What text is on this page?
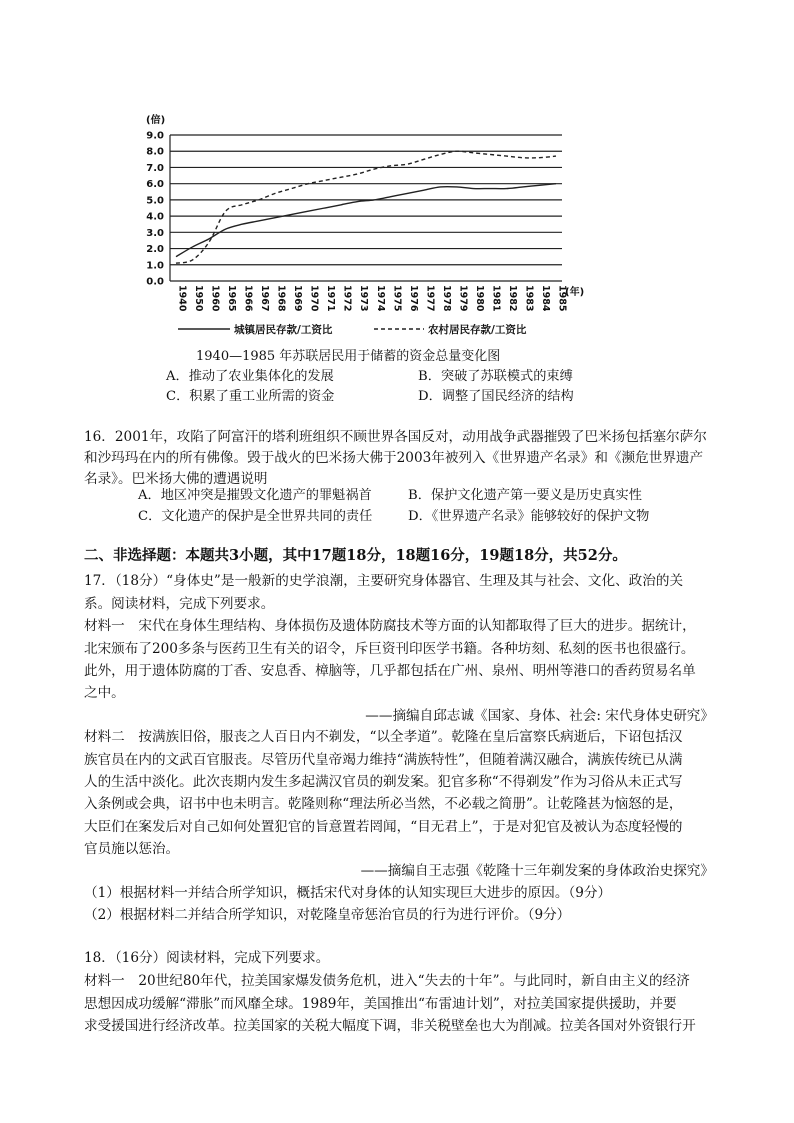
(倍)
0.0
1.0
2.0
3.0
4.0
5.0
6.0
7.0
8.0
9.0
1940 1950 1960 1965 1966 1967 1968 1969 1970 1971 1972 1973 1974 1975 1976 1977 1978 1979 1980 1981 1982 1983 1984 1985
(年)
城镇居民存款/工资比	农村居民存款/工资比
1940—1985 年苏联居民用于储蓄的资金总量变化图
A．推动了农业集体化的发展	B．突破了苏联模式的束缚
C．积累了重工业所需的资金	D．调整了国民经济的结构
16．2001年，攻陷了阿富汗的塔利班组织不顾世界各国反对，动用战争武器摧毁了巴米扬包括塞尔萨尔
和沙玛玛在内的所有佛像。毁于战火的巴米扬大佛于2003年被列入《世界遗产名录》和《濒危世界遗产
名录》。巴米扬大佛的遭遇说明
A．地区冲突是摧毁文化遗产的罪魁祸首	B．保护文化遗产第一要义是历史真实性
C．文化遗产的保护是全世界共同的责任	D．《世界遗产名录》能够较好的保护文物
二、非选择题：本题共3小题，其中17题18分，18题16分，19题18分，共52分。
17．（18分）“身体史”是一般新的史学浪潮，主要研究身体器官、生理及其与社会、文化、政治的关
系。阅读材料，完成下列要求。
材料一　宋代在身体生理结构、身体损伤及遗体防腐技术等方面的认知都取得了巨大的进步。据统计，
北宋颁布了200多条与医药卫生有关的诏令，斥巨资刊印医学书籍。各种坊刻、私刻的医书也很盛行。
此外，用于遗体防腐的丁香、安息香、樟脑等，几乎都包括在广州、泉州、明州等港口的香药贸易名单
之中。
——摘编自邱志诚《国家、身体、社会: 宋代身体史研究》
材料二　按满族旧俗，服丧之人百日内不剃发，“以全孝道”。乾隆在皇后富察氏病逝后，下诏包括汉
族官员在内的文武百官服丧。尽管历代皇帝竭力维持“满族特性”，但随着满汉融合，满族传统已从满
人的生活中淡化。此次丧期内发生多起满汉官员的剃发案。犯官多称“不得剃发”作为习俗从未正式写
入条例或会典，诏书中也未明言。乾隆则称“理法所必当然，不必载之简册”。让乾隆甚为恼怒的是，
大臣们在案发后对自己如何处置犯官的旨意置若罔闻，“目无君上”，于是对犯官及被认为态度轻慢的
官员施以惩治。
——摘编自王志强《乾隆十三年剃发案的身体政治史探究》
（1）根据材料一并结合所学知识，概括宋代对身体的认知实现巨大进步的原因。（9分）
（2）根据材料二并结合所学知识，对乾隆皇帝惩治官员的行为进行评价。（9分）
18．（16分）阅读材料，完成下列要求。
材料一　20世纪80年代，拉美国家爆发债务危机，进入“失去的十年”。与此同时，新自由主义的经济
思想因成功缓解“滞胀”而风靡全球。1989年，美国推出“布雷迪计划”，对拉美国家提供援助，并要
求受援国进行经济改革。拉美国家的关税大幅度下调，非关税壁垒也大为削减。拉美各国对外资银行开
